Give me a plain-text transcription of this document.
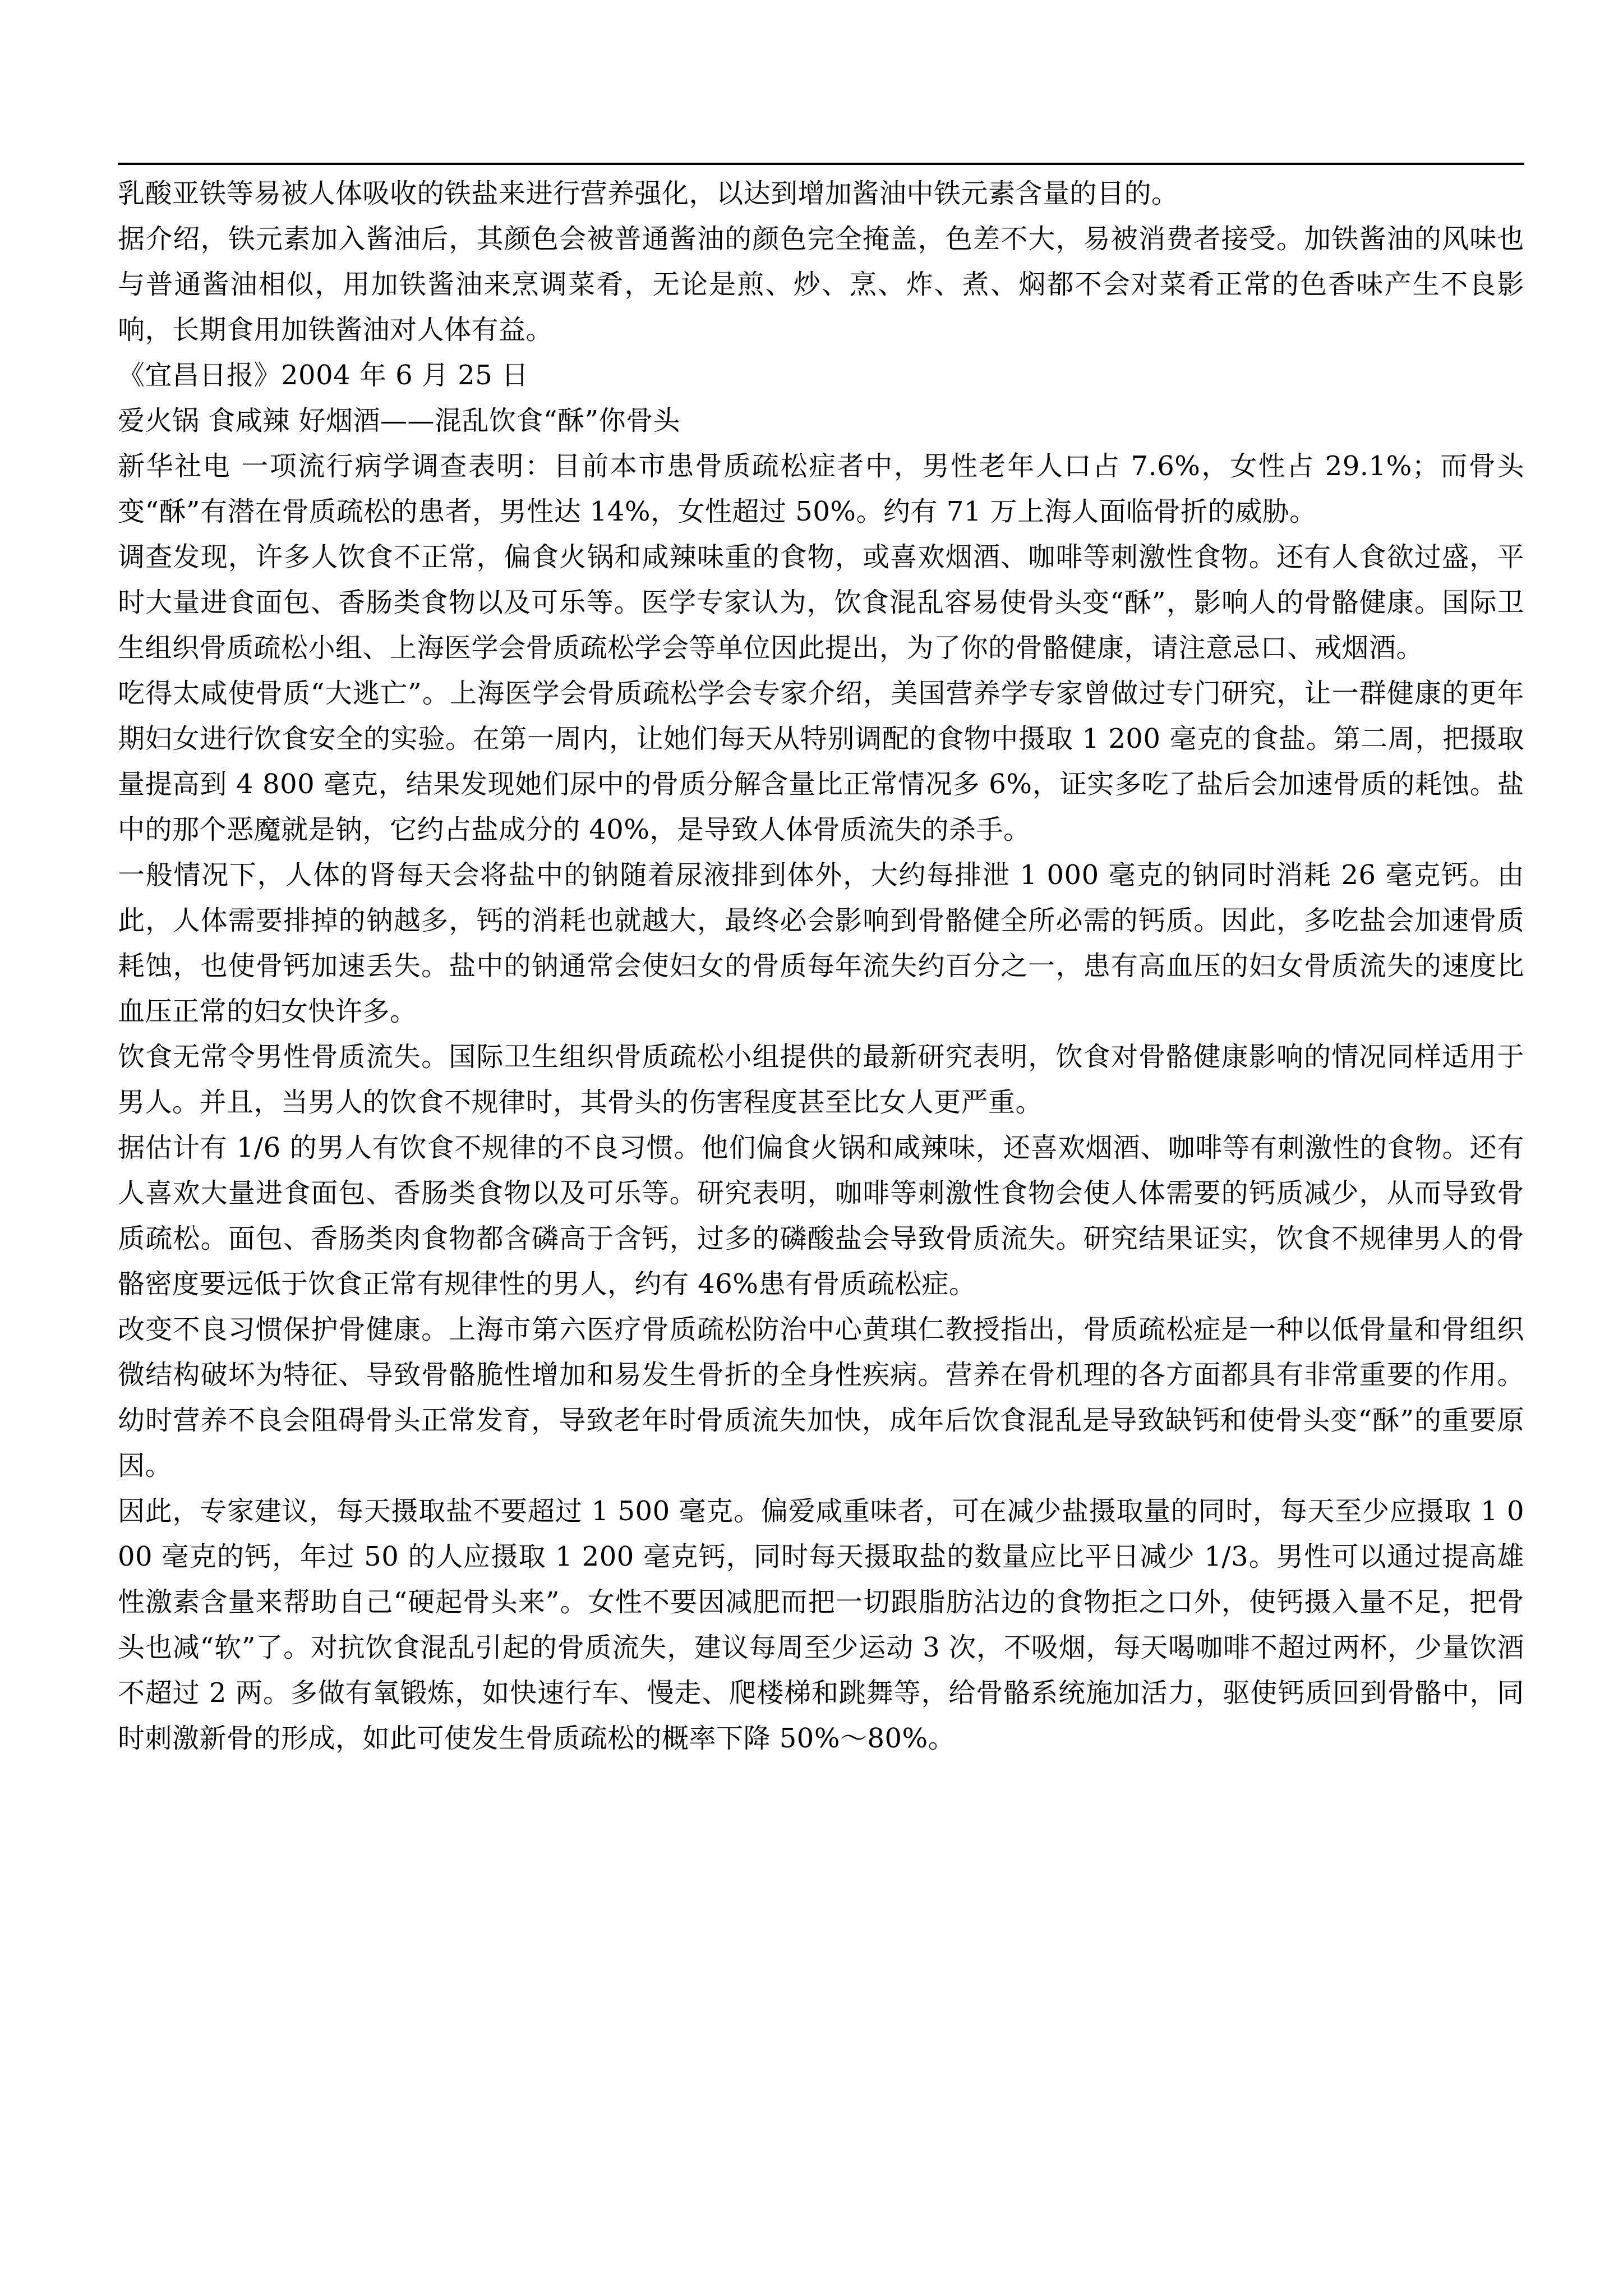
乳酸亚铁等易被人体吸收的铁盐来进行营养强化，以达到增加酱油中铁元素含量的目的。

据介绍，铁元素加入酱油后，其颜色会被普通酱油的颜色完全掩盖，色差不大，易被消费者接受。加铁酱油的风味也与普通酱油相似，用加铁酱油来烹调菜肴，无论是煎、炒、烹、炸、煮、焖都不会对菜肴正常的色香味产生不良影响，长期食用加铁酱油对人体有益。

《宜昌日报》2004 年 6 月 25 日

爱火锅 食咸辣 好烟酒——混乱饮食“酥”你骨头

新华社电 一项流行病学调查表明：目前本市患骨质疏松症者中，男性老年人口占 7.6%，女性占 29.1%；而骨头变“酥”有潜在骨质疏松的患者，男性达 14%，女性超过 50%。约有 71 万上海人面临骨折的威胁。

调查发现，许多人饮食不正常，偏食火锅和咸辣味重的食物，或喜欢烟酒、咖啡等刺激性食物。还有人食欲过盛，平时大量进食面包、香肠类食物以及可乐等。医学专家认为，饮食混乱容易使骨头变“酥”，影响人的骨骼健康。国际卫生组织骨质疏松小组、上海医学会骨质疏松学会等单位因此提出，为了你的骨骼健康，请注意忌口、戒烟酒。

吃得太咸使骨质“大逃亡”。上海医学会骨质疏松学会专家介绍，美国营养学专家曾做过专门研究，让一群健康的更年期妇女进行饮食安全的实验。在第一周内，让她们每天从特别调配的食物中摄取 1 200 毫克的食盐。第二周，把摄取量提高到 4 800 毫克，结果发现她们尿中的骨质分解含量比正常情况多 6%，证实多吃了盐后会加速骨质的耗蚀。盐中的那个恶魔就是钠，它约占盐成分的 40%，是导致人体骨质流失的杀手。

一般情况下，人体的肾每天会将盐中的钠随着尿液排到体外，大约每排泄 1 000 毫克的钠同时消耗 26 毫克钙。由此，人体需要排掉的钠越多，钙的消耗也就越大，最终必会影响到骨骼健全所必需的钙质。因此，多吃盐会加速骨质耗蚀，也使骨钙加速丢失。盐中的钠通常会使妇女的骨质每年流失约百分之一，患有高血压的妇女骨质流失的速度比血压正常的妇女快许多。

饮食无常令男性骨质流失。国际卫生组织骨质疏松小组提供的最新研究表明，饮食对骨骼健康影响的情况同样适用于男人。并且，当男人的饮食不规律时，其骨头的伤害程度甚至比女人更严重。

据估计有 1/6 的男人有饮食不规律的不良习惯。他们偏食火锅和咸辣味，还喜欢烟酒、咖啡等有刺激性的食物。还有人喜欢大量进食面包、香肠类食物以及可乐等。研究表明，咖啡等刺激性食物会使人体需要的钙质减少，从而导致骨质疏松。面包、香肠类肉食物都含磷高于含钙，过多的磷酸盐会导致骨质流失。研究结果证实，饮食不规律男人的骨骼密度要远低于饮食正常有规律性的男人，约有 46%患有骨质疏松症。

改变不良习惯保护骨健康。上海市第六医疗骨质疏松防治中心黄琪仁教授指出，骨质疏松症是一种以低骨量和骨组织微结构破坏为特征、导致骨骼脆性增加和易发生骨折的全身性疾病。营养在骨机理的各方面都具有非常重要的作用。幼时营养不良会阻碍骨头正常发育，导致老年时骨质流失加快，成年后饮食混乱是导致缺钙和使骨头变“酥”的重要原因。

因此，专家建议，每天摄取盐不要超过 1 500 毫克。偏爱咸重味者，可在减少盐摄取量的同时，每天至少应摄取 1 000 毫克的钙，年过 50 的人应摄取 1 200 毫克钙，同时每天摄取盐的数量应比平日减少 1/3。男性可以通过提高雄性激素含量来帮助自己“硬起骨头来”。女性不要因减肥而把一切跟脂肪沾边的食物拒之口外，使钙摄入量不足，把骨头也减“软”了。对抗饮食混乱引起的骨质流失，建议每周至少运动 3 次，不吸烟，每天喝咖啡不超过两杯，少量饮酒不超过 2 两。多做有氧锻炼，如快速行车、慢走、爬楼梯和跳舞等，给骨骼系统施加活力，驱使钙质回到骨骼中，同时刺激新骨的形成，如此可使发生骨质疏松的概率下降 50%～80%。
